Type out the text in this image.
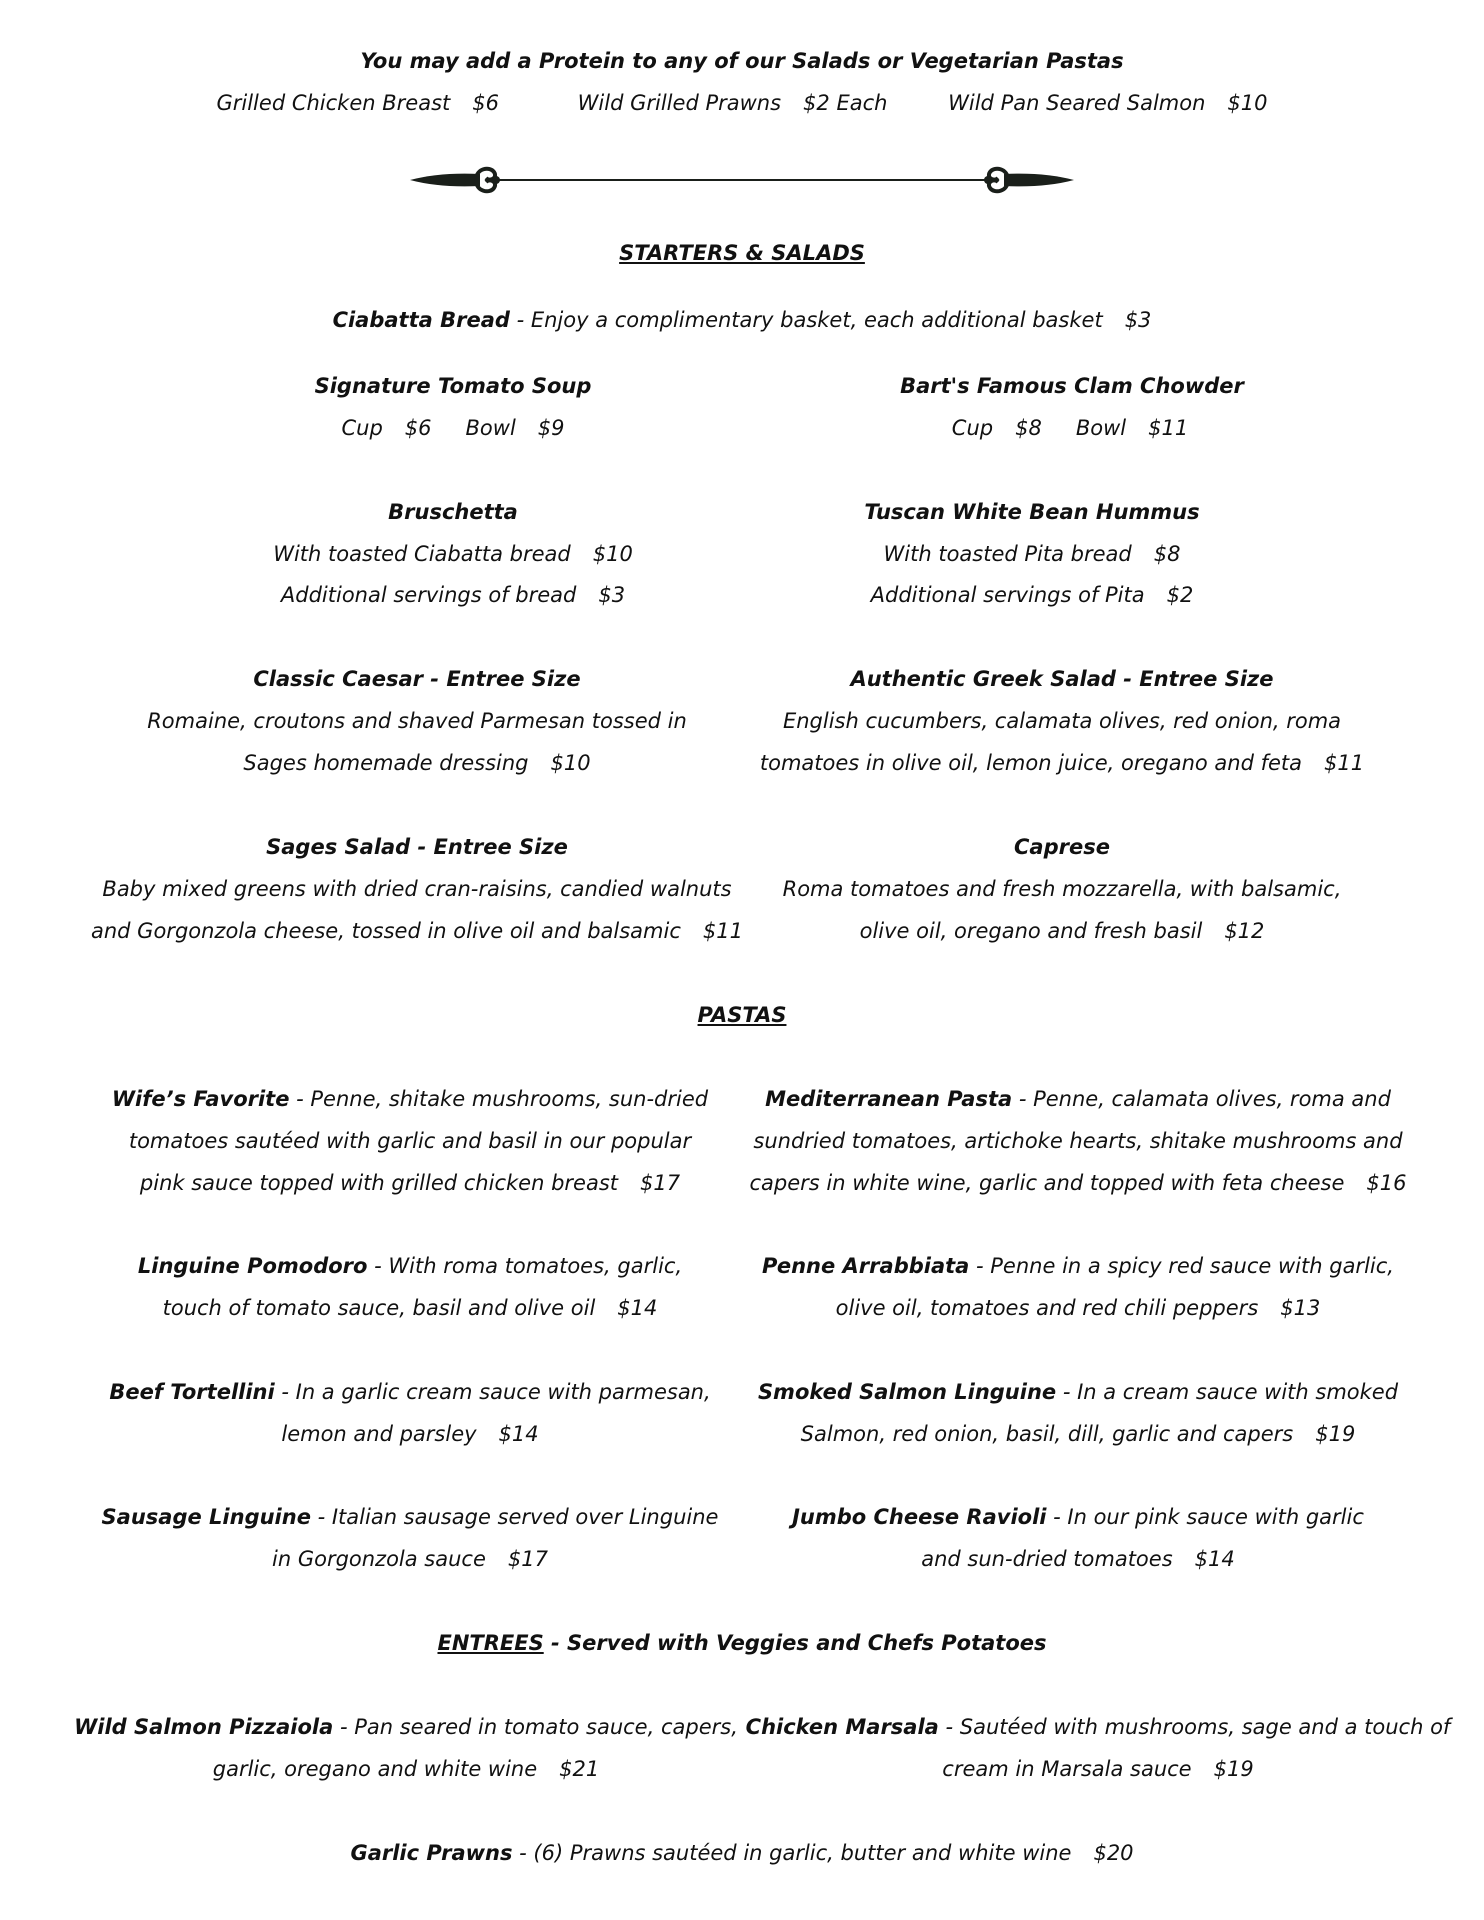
You may add a Protein to any of our Salads or Vegetarian Pastas
Grilled Chicken Breast $6	Wild Grilled Prawns $2 Each	Wild Pan Seared Salmon $10
STARTERS & SALADS
Ciabatta Bread - Enjoy a complimentary basket, each additional basket $3
Signature Tomato Soup
Cup $6 Bowl $9
Bart's Famous Clam Chowder
Cup $8 Bowl $11
Bruschetta
With toasted Ciabatta bread $10
Additional servings of bread $3
Tuscan White Bean Hummus
With toasted Pita bread $8
Additional servings of Pita $2
Classic Caesar - Entree Size
Romaine, croutons and shaved Parmesan tossed in
Sages homemade dressing $10
Authentic Greek Salad - Entree Size
English cucumbers, calamata olives, red onion, roma
tomatoes in olive oil, lemon juice, oregano and feta $11
Sages Salad - Entree Size
Baby mixed greens with dried cran-raisins, candied walnuts
and Gorgonzola cheese, tossed in olive oil and balsamic $11
Caprese
Roma tomatoes and fresh mozzarella, with balsamic,
olive oil, oregano and fresh basil $12
PASTAS
Wife’s Favorite - Penne, shitake mushrooms, sun-dried
tomatoes sautéed with garlic and basil in our popular
pink sauce topped with grilled chicken breast $17
Mediterranean Pasta - Penne, calamata olives, roma and
sundried tomatoes, artichoke hearts, shitake mushrooms and
capers in white wine, garlic and topped with feta cheese $16
Linguine Pomodoro - With roma tomatoes, garlic,
touch of tomato sauce, basil and olive oil $14
Penne Arrabbiata - Penne in a spicy red sauce with garlic,
olive oil, tomatoes and red chili peppers $13
Beef Tortellini - In a garlic cream sauce with parmesan,
lemon and parsley $14
Smoked Salmon Linguine - In a cream sauce with smoked
Salmon, red onion, basil, dill, garlic and capers $19
Sausage Linguine - Italian sausage served over Linguine
in Gorgonzola sauce $17
Jumbo Cheese Ravioli - In our pink sauce with garlic
and sun-dried tomatoes $14
ENTREES - Served with Veggies and Chefs Potatoes
Wild Salmon Pizzaiola - Pan seared in tomato sauce, capers,
garlic, oregano and white wine $21
Chicken Marsala - Sautéed with mushrooms, sage and a touch of
cream in Marsala sauce $19
Garlic Prawns - (6) Prawns sautéed in garlic, butter and white wine $20
